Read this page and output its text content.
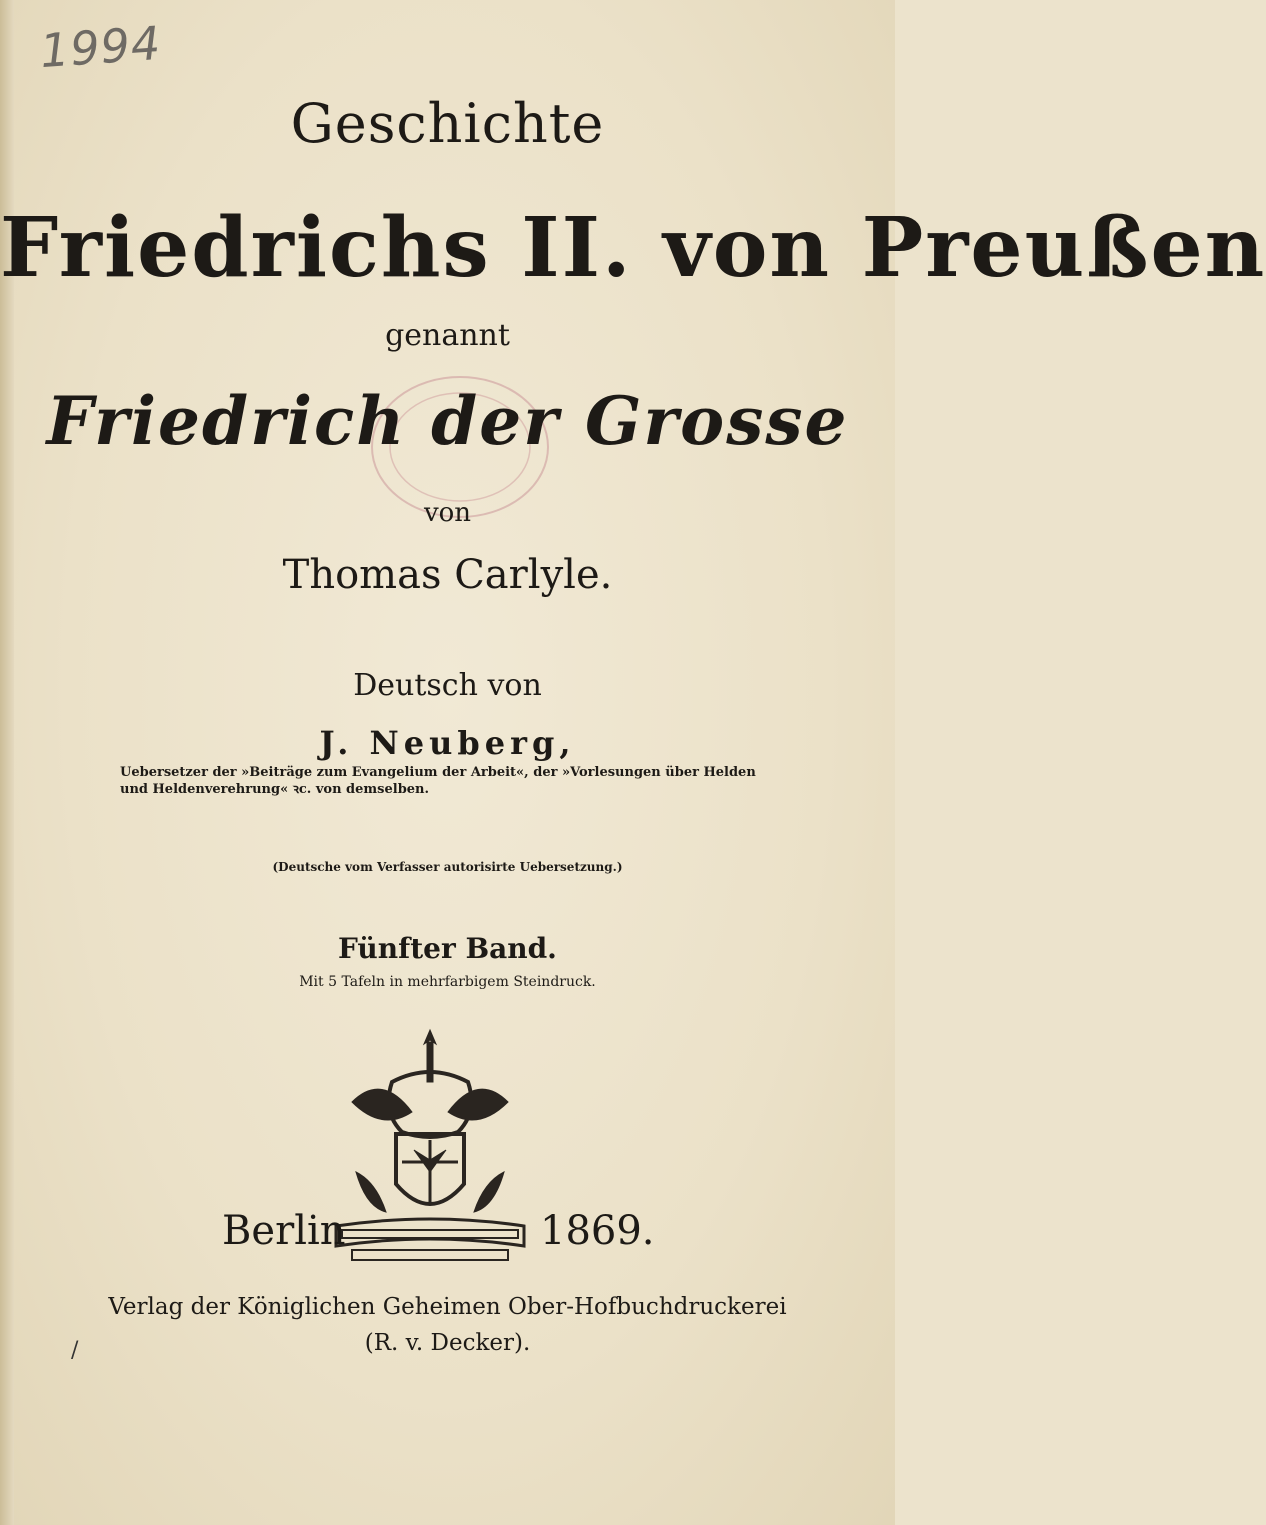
1994
Geschichte
Friedrichs II. von Preußen
genannt
Friedrich der Grosse
von
Thomas Carlyle.
Deutsch von
J. Neuberg,
Uebersetzer der »Beiträge zum Evangelium der Arbeit«, der »Vorlesungen über Helden und Heldenverehrung« ꝛc. von demselben.
(Deutsche vom Verfasser autorisirte Uebersetzung.)
Fünfter Band.
Mit 5 Tafeln in mehrfarbigem Steindruck.
Berlin	1869.
Verlag der Königlichen Geheimen Ober-Hofbuchdruckerei
(R. v. Decker).
/
